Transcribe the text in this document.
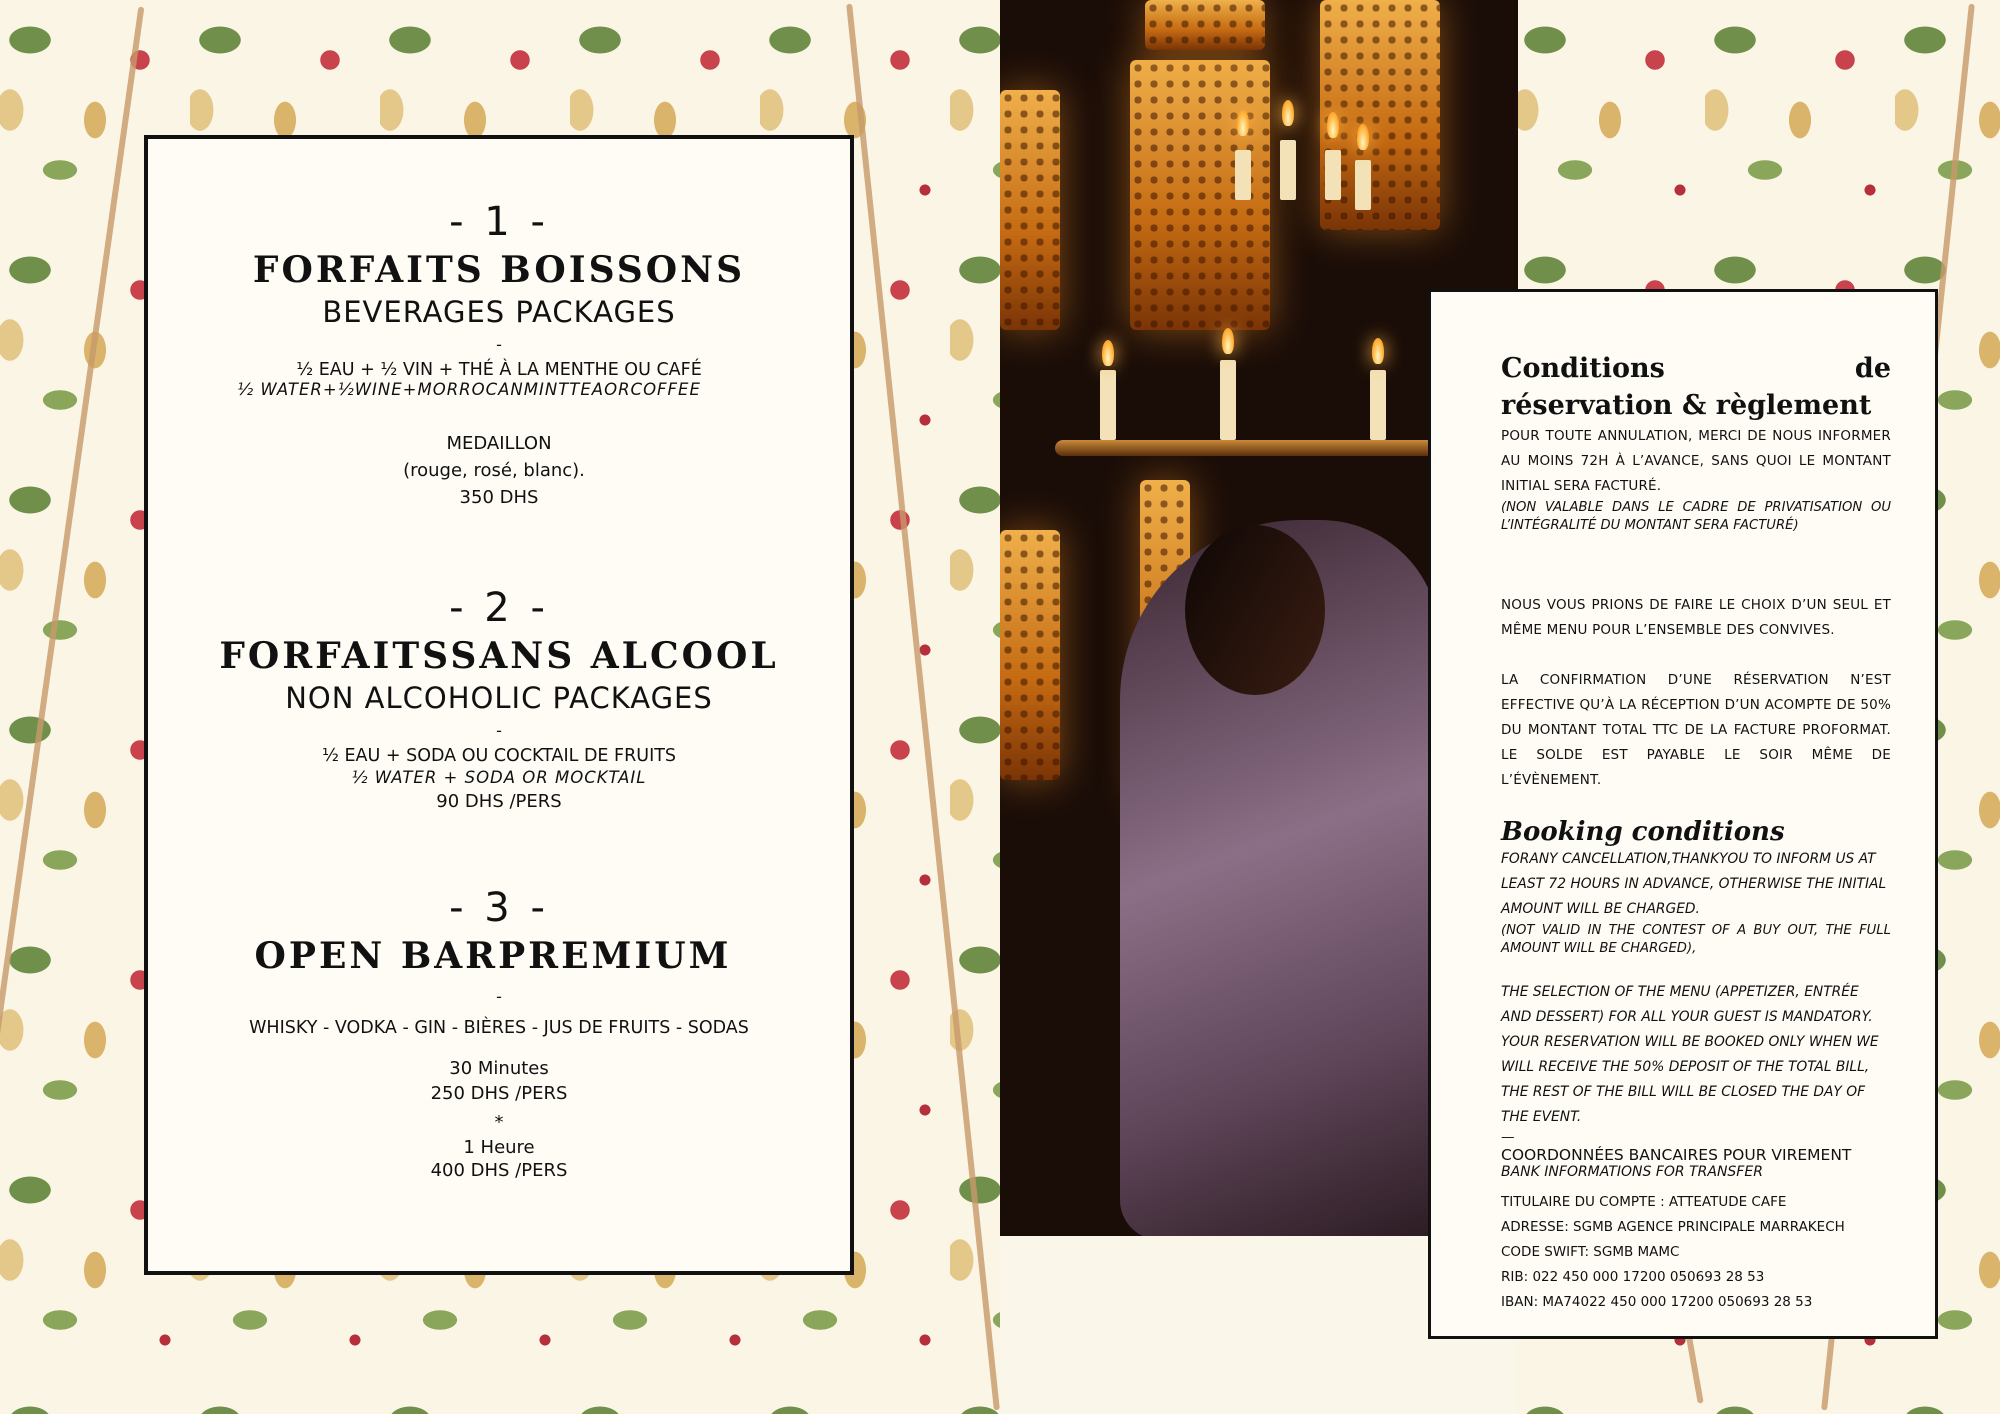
- 1 -
FORFAITS BOISSONS
BEVERAGES PACKAGES
-
½ EAU + ½ VIN + THÉ À LA MENTHE OU CAFÉ
½ WATER+½WINE+MORROCANMINTTEAORCOFFEE
MEDAILLON
(rouge, rosé, blanc).
350 DHS
- 2 -
FORFAITSSANS ALCOOL
NON ALCOHOLIC PACKAGES
-
½ EAU + SODA OU COCKTAIL DE FRUITS
½ WATER + SODA OR MOCKTAIL
90 DHS /PERS
- 3 -
OPEN BARPREMIUM
-
WHISKY - VODKA - GIN - BIÈRES - JUS DE FRUITS - SODAS
30 Minutes
250 DHS /PERS
*
1 Heure
400 DHS /PERS
Conditions de réservation & règlement
POUR TOUTE ANNULATION, MERCI DE NOUS INFORMER AU MOINS 72H À L’AVANCE, SANS QUOI LE MONTANT INITIAL SERA FACTURÉ.
(NON VALABLE DANS LE CADRE DE PRIVATISATION OU L’INTÉGRALITÉ DU MONTANT SERA FACTURÉ)
NOUS VOUS PRIONS DE FAIRE LE CHOIX D’UN SEUL ET MÊME MENU POUR L’ENSEMBLE DES CONVIVES.
LA CONFIRMATION D’UNE RÉSERVATION N’EST EFFECTIVE QU’À LA RÉCEPTION D’UN ACOMPTE DE 50% DU MONTANT TOTAL TTC DE LA FACTURE PROFORMAT. LE SOLDE EST PAYABLE LE SOIR MÊME DE L’ÉVÈNEMENT.
Booking conditions
FORANY CANCELLATION,THANKYOU TO INFORM US AT LEAST 72 HOURS IN ADVANCE, OTHERWISE THE INITIAL AMOUNT WILL BE CHARGED.
(NOT VALID IN THE CONTEST OF A BUY OUT, THE FULL AMOUNT WILL BE CHARGED),
THE SELECTION OF THE MENU (APPETIZER, ENTRÉE AND DESSERT) FOR ALL YOUR GUEST IS MANDATORY.
YOUR RESERVATION WILL BE BOOKED ONLY WHEN WE WILL RECEIVE THE 50% DEPOSIT OF THE TOTAL BILL, THE REST OF THE BILL WILL BE CLOSED THE DAY OF THE EVENT.
—
COORDONNÉES BANCAIRES POUR VIREMENT
BANK INFORMATIONS FOR TRANSFER
TITULAIRE DU COMPTE : ATTEATUDE CAFE
ADRESSE: SGMB AGENCE PRINCIPALE MARRAKECH
CODE SWIFT: SGMB MAMC
RIB: 022 450 000 17200 050693 28 53
IBAN: MA74022 450 000 17200 050693 28 53
